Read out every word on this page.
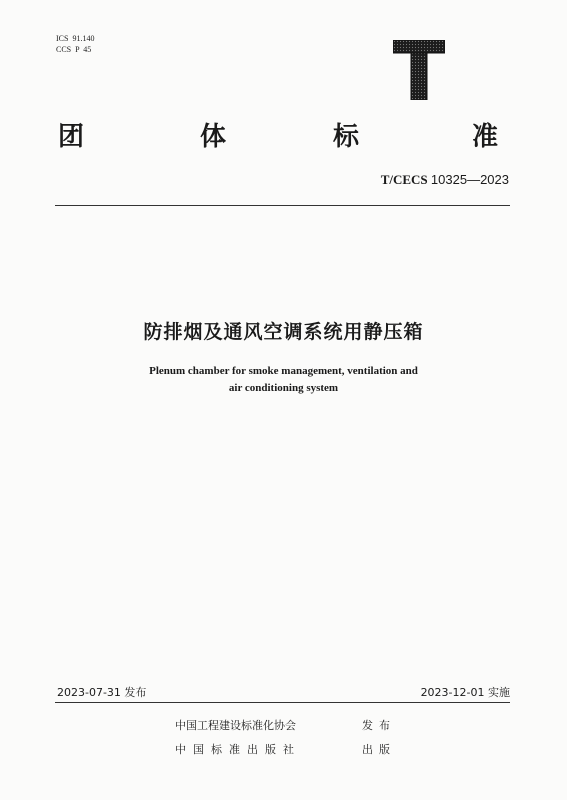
ICS  91.140
CCS  P  45
团	体	标	准
T/CECS 10325—2023
防排烟及通风空调系统用静压箱
Plenum chamber for smoke management, ventilation and
air conditioning system
2023-07-31 发布	2023-12-01 实施
中国工程建设标准化协会	发布
中国标准出版社	出版
